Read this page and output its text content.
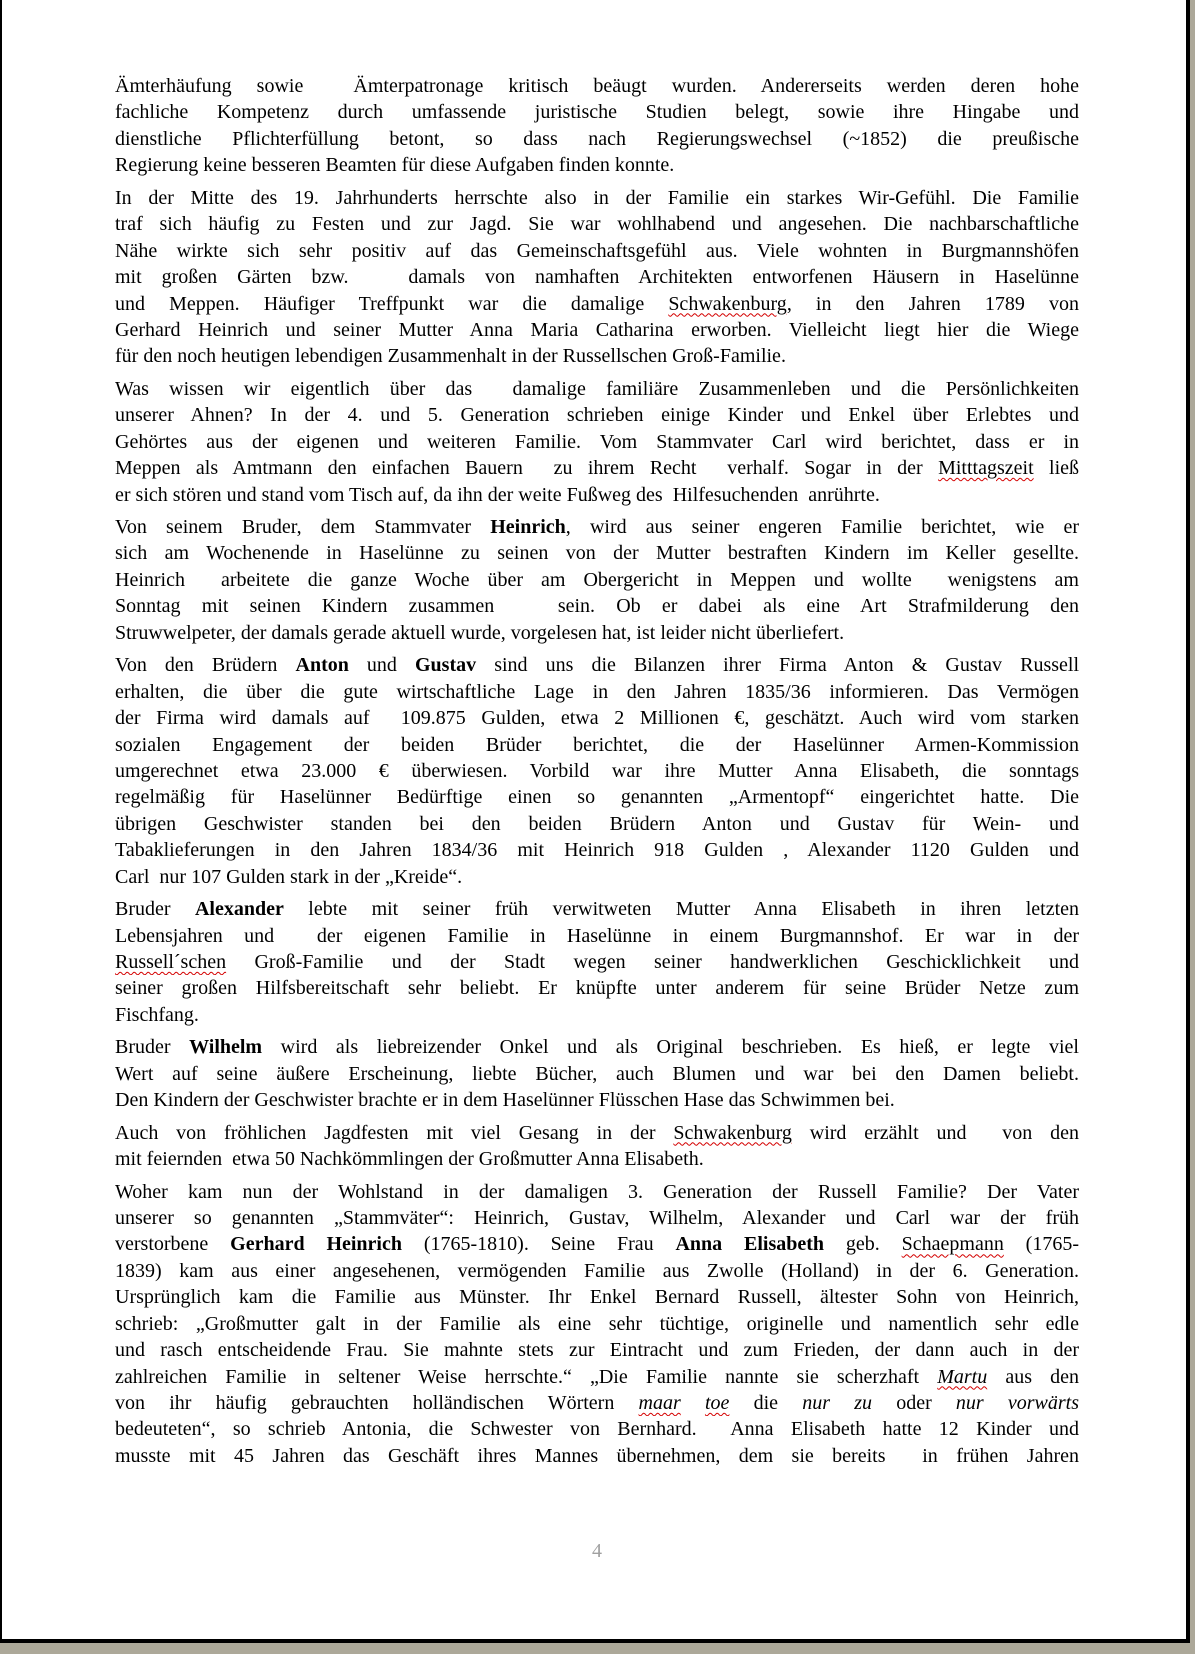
Ämterhäufung sowie  Ämterpatronage kritisch beäugt wurden. Andererseits werden deren hohe
fachliche Kompetenz durch umfassende juristische Studien belegt, sowie ihre Hingabe und
dienstliche Pflichterfüllung betont, so dass nach Regierungswechsel (~1852) die preußische
Regierung keine besseren Beamten für diese Aufgaben finden konnte.
In der Mitte des 19. Jahrhunderts herrschte also in der Familie ein starkes Wir-Gefühl. Die Familie
traf sich häufig zu Festen und zur Jagd. Sie war wohlhabend und angesehen. Die nachbarschaftliche
Nähe wirkte sich sehr positiv auf das Gemeinschaftsgefühl aus. Viele wohnten in Burgmannshöfen
mit großen Gärten bzw.   damals von namhaften Architekten entworfenen Häusern in Haselünne
und Meppen. Häufiger Treffpunkt war die damalige Schwakenburg, in den Jahren 1789 von
Gerhard Heinrich und seiner Mutter Anna Maria Catharina erworben. Vielleicht liegt hier die Wiege
für den noch heutigen lebendigen Zusammenhalt in der Russellschen Groß-Familie.
Was wissen wir eigentlich über das  damalige familiäre Zusammenleben und die Persönlichkeiten
unserer Ahnen? In der 4. und 5. Generation schrieben einige Kinder und Enkel über Erlebtes und
Gehörtes aus der eigenen und weiteren Familie. Vom Stammvater Carl wird berichtet, dass er in
Meppen als Amtmann den einfachen Bauern  zu ihrem Recht  verhalf. Sogar in der Mitttagszeit ließ
er sich stören und stand vom Tisch auf, da ihn der weite Fußweg des  Hilfesuchenden  anrührte.
Von seinem Bruder, dem Stammvater Heinrich, wird aus seiner engeren Familie berichtet, wie er
sich am Wochenende in Haselünne zu seinen von der Mutter bestraften Kindern im Keller gesellte.
Heinrich  arbeitete die ganze Woche über am Obergericht in Meppen und wollte  wenigstens am
Sonntag mit seinen Kindern zusammen   sein. Ob er dabei als eine Art Strafmilderung den
Struwwelpeter, der damals gerade aktuell wurde, vorgelesen hat, ist leider nicht überliefert.
Von den Brüdern Anton und Gustav sind uns die Bilanzen ihrer Firma Anton & Gustav Russell
erhalten, die über die gute wirtschaftliche Lage in den Jahren 1835/36 informieren. Das Vermögen
der Firma wird damals auf  109.875 Gulden, etwa 2 Millionen €, geschätzt. Auch wird vom starken
sozialen Engagement der beiden Brüder berichtet, die der Haselünner Armen-Kommission
umgerechnet etwa 23.000 € überwiesen. Vorbild war ihre Mutter Anna Elisabeth, die sonntags
regelmäßig für Haselünner Bedürftige einen so genannten „Armentopf“ eingerichtet hatte. Die
übrigen Geschwister standen bei den beiden Brüdern Anton und Gustav für Wein- und
Tabaklieferungen in den Jahren 1834/36 mit Heinrich 918 Gulden , Alexander 1120 Gulden und
Carl  nur 107 Gulden stark in der „Kreide“.
Bruder Alexander lebte mit seiner früh verwitweten Mutter Anna Elisabeth in ihren letzten
Lebensjahren und  der eigenen Familie in Haselünne in einem Burgmannshof. Er war in der
Russell´schen Groß-Familie und der Stadt wegen seiner handwerklichen Geschicklichkeit und
seiner großen Hilfsbereitschaft sehr beliebt. Er knüpfte unter anderem für seine Brüder Netze zum
Fischfang.
Bruder Wilhelm wird als liebreizender Onkel und als Original beschrieben. Es hieß, er legte viel
Wert auf seine äußere Erscheinung, liebte Bücher, auch Blumen und war bei den Damen beliebt.
Den Kindern der Geschwister brachte er in dem Haselünner Flüsschen Hase das Schwimmen bei.
Auch von fröhlichen Jagdfesten mit viel Gesang in der Schwakenburg wird erzählt und  von den
mit feiernden  etwa 50 Nachkömmlingen der Großmutter Anna Elisabeth.
Woher kam nun der Wohlstand in der damaligen 3. Generation der Russell Familie? Der Vater
unserer so genannten „Stammväter“: Heinrich, Gustav, Wilhelm, Alexander und Carl war der früh
verstorbene Gerhard Heinrich (1765-1810). Seine Frau Anna Elisabeth geb. Schaepmann (1765-
1839) kam aus einer angesehenen, vermögenden Familie aus Zwolle (Holland) in der 6. Generation.
Ursprünglich kam die Familie aus Münster. Ihr Enkel Bernard Russell, ältester Sohn von Heinrich,
schrieb: „Großmutter galt in der Familie als eine sehr tüchtige, originelle und namentlich sehr edle
und rasch entscheidende Frau. Sie mahnte stets zur Eintracht und zum Frieden, der dann auch in der
zahlreichen Familie in seltener Weise herrschte.“ „Die Familie nannte sie scherzhaft Martu aus den
von ihr häufig gebrauchten holländischen Wörtern maar toe die nur zu oder nur vorwärts
bedeuteten“, so schrieb Antonia, die Schwester von Bernhard.  Anna Elisabeth hatte 12 Kinder und
musste mit 45 Jahren das Geschäft ihres Mannes übernehmen, dem sie bereits  in frühen Jahren
4
